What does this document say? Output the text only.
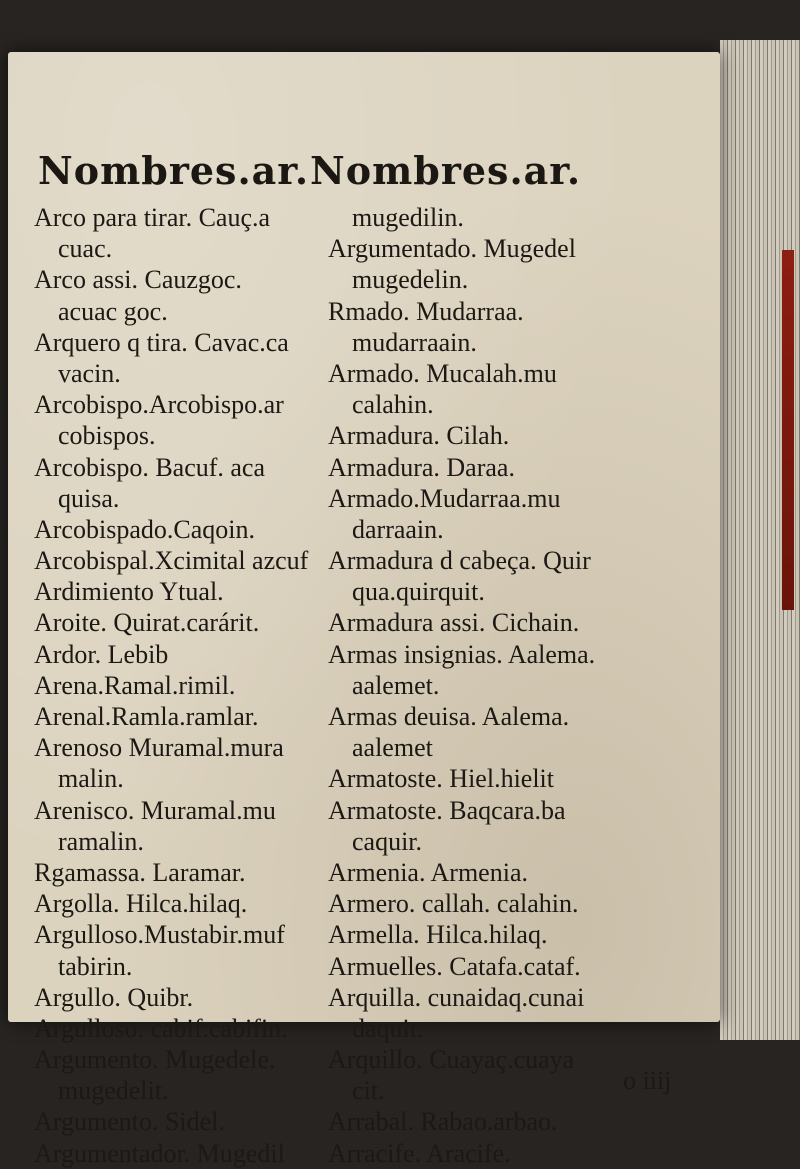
Nombres.ar. Nombres.ar.
Arco para tirar. Cauç.a
cuac.
Arco assi. Cauzgoc.
acuac goc.
Arquero q tira. Cavac.ca
vacin.
Arcobispo.Arcobispo.ar
cobispos.
Arcobispo. Bacuf. aca
quisa.
Arcobispado.Caqoin.
Arcobispal.Xcimital azcuf
Ardimiento Ytual.
Aroite. Quirat.carárit.
Ardor. Lebib
Arena.Ramal.rimil.
Arenal.Ramla.ramlar.
Arenoso Muramal.mura
malin.
Arenisco. Muramal.mu
ramalin.
Rgamassa. Laramar.
Argolla. Hilca.hilaq.
Argulloso.Mustabir.muf
tabirin.
Argullo. Quibr.
Argulloso. cabif.cabifin.
Argumento. Mugedele.
mugedelit.
Argumento. Sidel.
Argumentador. Mugedil
mugedilin.
Argumentado. Mugedel
mugedelin.
Rmado. Mudarraa.
mudarraain.
Armado. Mucalah.mu
calahin.
Armadura. Cilah.
Armadura. Daraa.
Armado.Mudarraa.mu
darraain.
Armadura d cabeça. Quir
qua.quirquit.
Armadura assi. Cichain.
Armas insignias. Aalema.
aalemet.
Armas deuisa. Aalema.
aalemet
Armatoste. Hiel.hielit
Armatoste. Baqcara.ba
caquir.
Armenia. Armenia.
Armero. callah. calahin.
Armella. Hilca.hilaq.
Armuelles. Catafa.cataf.
Arquilla. cunaidaq.cunai
daquit.
Arquillo. Cuayaç.cuaya
cit.
Arrabal. Rabao.arbao.
Arracife. Aracife.
o iiij
